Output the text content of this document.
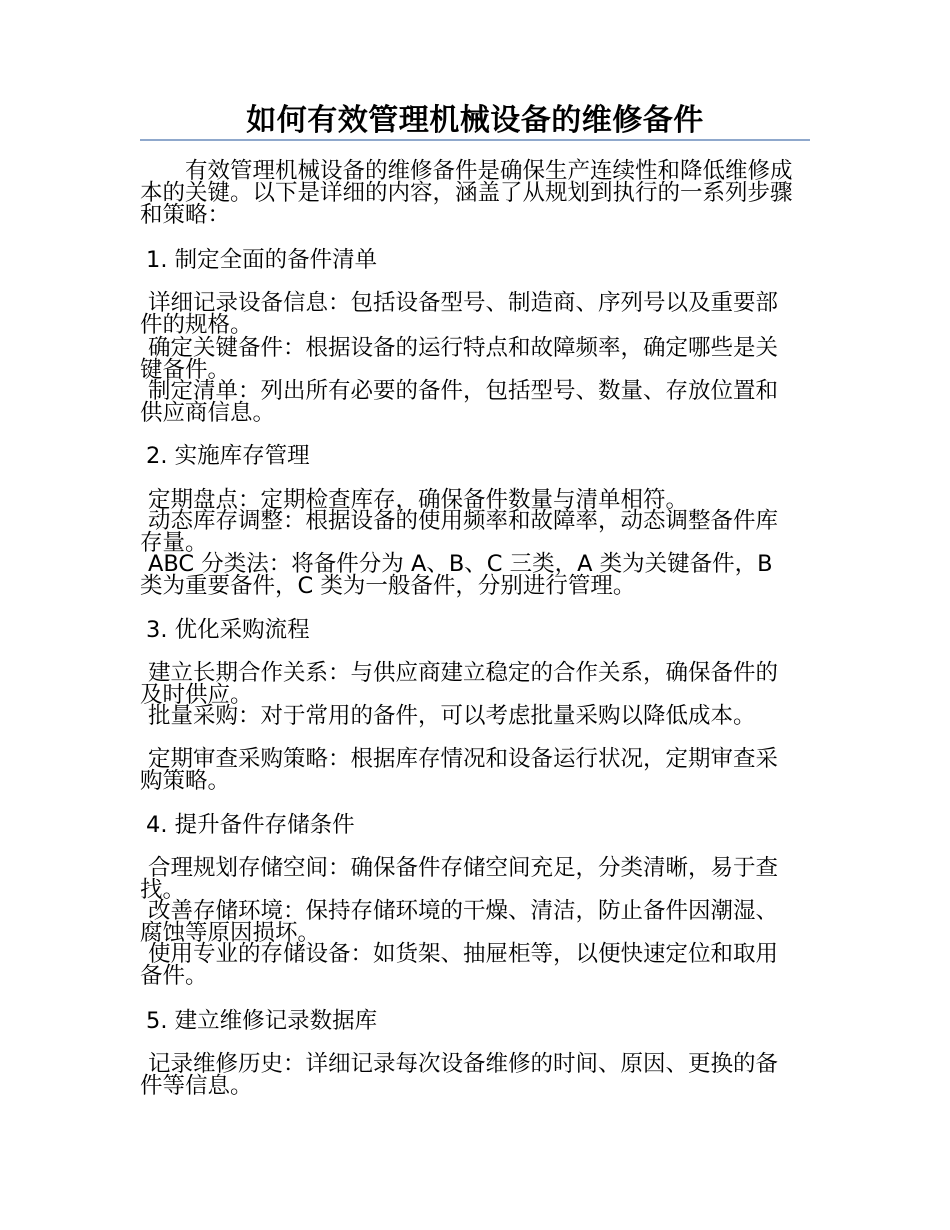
如何有效管理机械设备的维修备件
有效管理机械设备的维修备件是确保生产连续性和降低维修成本的关键。以下是详细的内容，涵盖了从规划到执行的一系列步骤和策略：
1. 制定全面的备件清单
详细记录设备信息：包括设备型号、制造商、序列号以及重要部件的规格。
确定关键备件：根据设备的运行特点和故障频率，确定哪些是关键备件。
制定清单：列出所有必要的备件，包括型号、数量、存放位置和供应商信息。
2. 实施库存管理
定期盘点：定期检查库存，确保备件数量与清单相符。
动态库存调整：根据设备的使用频率和故障率，动态调整备件库存量。
ABC 分类法：将备件分为 A、B、C 三类，A 类为关键备件，B 类为重要备件，C 类为一般备件，分别进行管理。
3. 优化采购流程
建立长期合作关系：与供应商建立稳定的合作关系，确保备件的及时供应。
批量采购：对于常用的备件，可以考虑批量采购以降低成本。
定期审查采购策略：根据库存情况和设备运行状况，定期审查采购策略。
4. 提升备件存储条件
合理规划存储空间：确保备件存储空间充足，分类清晰，易于查找。
改善存储环境：保持存储环境的干燥、清洁，防止备件因潮湿、腐蚀等原因损坏。
使用专业的存储设备：如货架、抽屉柜等，以便快速定位和取用备件。
5. 建立维修记录数据库
记录维修历史：详细记录每次设备维修的时间、原因、更换的备件等信息。
